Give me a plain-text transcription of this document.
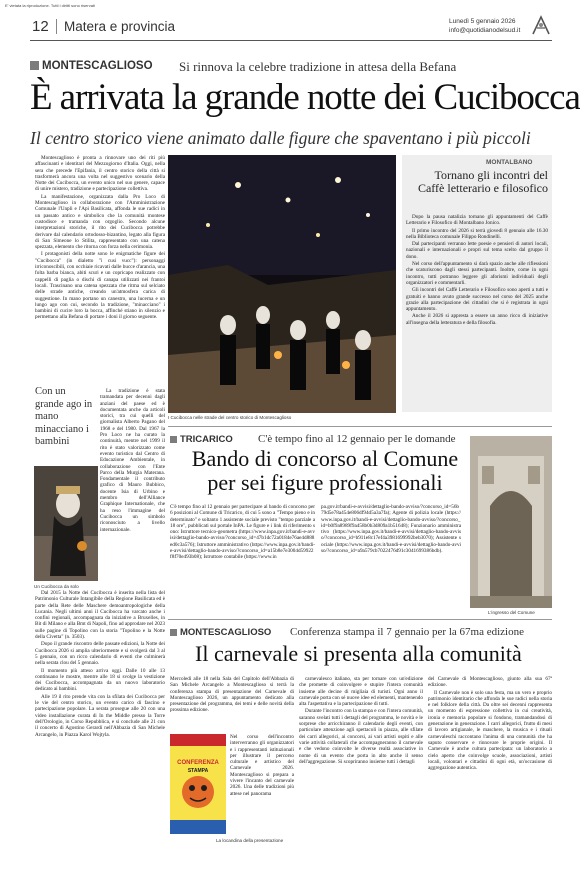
E' vietata la riproduzione. Tutti i diritti sono riservati
12 Matera e provincia	Lunedì 5 gennaio 2026
info@quotidianodelsud.it
MONTESCAGLIOSO Si rinnova la celebre tradizione in attesa della Befana
È arrivata la grande notte dei Cucibocca
Il centro storico viene animato dalle figure che spaventano i più piccoli

Montescaglioso è pronta a rinnovare uno dei riti più affascinanti e identitari del Mezzogiorno d'Italia. Oggi, nella sera che precede l'Epifania, il centro storico della città si trasformerà ancora una volta nel suggestivo scenario della Notte dei Cucibocca, un evento unico nel suo genere, capace di unire mistero, tradizione e partecipazione collettiva.

La manifestazione, organizzata dalla Pro Loco di Montescaglioso in collaborazione con l'Amministrazione Comunale l'Unpli e l'Api Basilicata, affonda le sue radici in un passato antico e simbolico che la comunità montese custodisce e tramanda con orgoglio. Secondo alcune interpretazioni storiche, il rito dei Cucibocca potrebbe derivare dal calendario ortodosso-bizantino, legato alla figura di San Simeone lo Stilita, rappresentato con una catena spezzata, elemento che ritorna con forza nella cerimonia.

I protagonisti della notte sono le enigmatiche figure dei "Cucibocca" (in dialetto "i cusi vucc"): personaggi irriconoscibili, con occhiaie ricavati dalle bucce d'arancia, una folta barba bianca, abiti scuri e un copricapo realizzato con cappelli di paglia o dischi di canapa utilizzati nei frantoi locali. Trascinano una catena spezzata che ritma sul selciato delle strade antiche, creando un'atmosfera carica di suggestione. In mano portano un canestro, una lucerna e un lungo ago con cui, secondo la tradizione, "minacciano" i bambini di cucire loro la bocca, affinché stiano in silenzio e permettano alla Befana di portare i doni il giorno seguente.

Con un grande ago in mano minacciano i bambini
Un Cucibocca da solo

La tradizione è stata tramandata per decenni dagli anziani del paese ed è documentata anche da articoli storici, tra cui quelli del giornalista Alberto Pagano del 1968 e del 1980. Dal 1967 la Pro Loco ne ha curato la continuità, mentre nel 1999 il rito è stato valorizzato come evento turistico dal Centro di Educazione Ambientale, in collaborazione con l'Ente Parco della Murgia Materana. Fondamentale il contributo grafico di Mauro Bubbico, docente Isia di Urbino e membro dell'Alliance Graphique Internationale, che ha reso l'immagine del Cucibocca un simbolo riconosciuto a livello internazionale.

Dal 2015 la Notte dei Cucibocca è inserita nella lista del Patrimonio Culturale Intangibile della Regione Basilicata ed è parte della Rete delle Maschere demoantropologiche della Lucania. Negli ultimi anni il Cucibocca ha varcato anche i confini regionali, accompagnata da iniziative a Bruxelles, in Bit di Milano e alla Bmt di Napoli, fino ad approdare nel 2023 sulle pagine di Topolino con la storia "Topolino e la Notte della Civetta" (n. 3503).

Dopo il grande riscontro delle passate edizioni, la Notte dei Cucibocca 2026 si amplia ulteriormente e si svolgerà dal 3 al 5 gennaio, con un ricco calendario di eventi che culminerà nella serata clou del 5 gennaio.

Il momento più atteso arriva oggi. Dalle 10 alle 13 continuano le mostre, mentre alle 18 si svolge la vestizione dei Cucibocca, accompagnata da un nuovo laboratorio dedicato ai bambini.

Alle 19 il rito prende vita con la sfilata dei Cucibocca per le vie del centro storico, un evento carico di fascino e partecipazione popolare. La serata prosegue alle 20 con una video installazione curata di In the Middle presso la Torre dell'Orologio, in Corso Repubblica, e si conclude alle 21 con il concerto di Agostino Gerardi nell'Abbazia di San Michele Arcangelo, in Piazza Karol Wojtyla.

I Cucibocca nelle strade del centro storico di Montescaglioso
MONTALBANO
Tornano gli incontri del Caffè letterario e filosofico

Dopo la pausa natalizia tornano gli appuntamenti del Caffè Letterario e Filosofico di Montalbano Jonico.

Il primo incontro del 2026 si terrà giovedì 8 gennaio alle 16.30 nella Biblioteca comunale Filippo Rondinelli.

Dal partecipanti verranno lette poesie e pensieri di autori locali, nazionali e internazionali e propri sul tema scelto dal gruppo il dono.

Nel corso dell'appuntamento sì darà spazio anche alle riflessioni che scaturiscono dagli stessi partecipanti. Inoltre, come in ogni incontro, tutti potranno leggere gli aforismi individuali degli organizzatori e commentarli.

Gli incontri del Caffè Letterario e Filosofico sono aperti a tutti e gratuiti e hanno avuto grande successo nel corso del 2025 anche grazie alla partecipazione dei cittadini che si è registrata in ogni appuntamento.

Anche il 2026 si appresta a essere un anno ricco di iniziative all'insegna della letteratura e della filosofia.

TRICARICO C'è tempo fino al 12 gennaio per le domande
Bando di concorso al Comune
per sei figure professionali
C'è tempo fino al 12 gennaio per partecipare al bando di concorso per 6 posizioni al Comune di Tricarico, di cui 5 sono a "Tempo pieno e indeterminato" e soltanto 1 assistente sociale previsto "tempo parziale a 18 ore", pubblicati sul portale InPA. Le figure e i link di riferimento sono: Istruttore tecnico-geometra (https://www.inpa.gov.it/bandi-e-avvisi/dettaglio-bando-avviso/?concorso_id=47b1dc72a0184e76ae4d888ed0c3a576); Istruttore amministrativo (https://www.inpa.gov.it/bandi-e-avvisi/dettaglio-bando-avviso/?concorso_id=a15b8e7e3004d59922f8f70e493b08); Istruttore contabile (https://www.in
pa.gov.it/bandi-e-avvisi/dettaglio-bando-avviso/?concorso_id=56b79d5e78a454e806df94d5a3a7fa); Agente di polizia locale (https://www.inpa.gov.it/bandi-e-avvisi/dettaglio-bando-avviso/?concorso_id=b0f9a8989f9a458b0b3d809a1b51648); Funzionario amministrativo (https://www.inpa.gov.it/bandi-e-avvisi/dettaglio-bando-avviso/?concorso_id=b911e8c17ef4a3981699992beb3070); Assistente sociale (https://www.inpa.gov.it/bandi-e-avvisi/dettaglio-bando-avviso/?concorso_id=a9a579cb7022476d91c3041699386bdb).
L'ingresso del Comune
MONTESCAGLIOSO Conferenza stampa il 7 gennaio per la 67ma edizione
Il carnevale si presenta alla comunità
Mercoledì alle 18 nella Sala del Capitolo dell'Abbazia di San Michele Arcangelo a Montescaglioso si terrà la conferenza stampa di presentazione del Carnevale di Montescaglioso 2026, un appuntamento dedicato alla presentazione del programma, dei temi e delle novità della prossima edizione.
CONFERENZA
STAMPA
Nel corso dell'incontro interverranno gli organizzatori e i rappresentanti istituzionali per illustrare il percorso culturale e artistico del Carnevale 2026. Montescaglioso si prepara a vivere l'incanto del carnevale 2026. Una delle tradizioni più attese nel panorama
La locandina della presentazione

carnevalesco italiano, sta per tornare con un'edizione che promette di coinvolgere e stupire l'intera comunità insieme alle decine di migliaia di turisti. Ogni anno il carnevale porta con sé nuove idee ed elementi, mantenendo alta l'aspettativa e la partecipazione di tutti.

Durante l'incontro con la stampa e con l'intera comunità, saranno svelati tutti i dettagli del programma, le novità e le sorprese che arricchiranno il calendario degli eventi, con particolare attenzione agli spettacoli in piazza, alle sfilate dei carri allegorici, ai concorsi, ai vari artisti ospiti e alle varie attività collaterali che accompagneranno il carnevale e che vedono coinvolte le diverse realtà associative in nome di un evento che porta in alto anche il senso dell'aggregazione. Si scopriranno insieme tutti i dettagli

del Carnevale di Montescaglioso, giunto alla sua 67ª edizione.

Il Carnevale non è solo una festa, ma un vero e proprio patrimonio identitario che affonda le sue radici nella storia e nel folklore della città. Da oltre sei decenni rappresenta un momento di espressione collettiva in cui creatività, ironia e memoria popolare si fondono, tramandandosi di generazione in generazione. I carri allegorici, frutto di mesi di lavoro artigianale, le maschere, la musica e i rituali carnevaleschi raccontano l'anima di una comunità che ha saputo conservare e rinnovare le proprie origini. Il Carnevale è anche cultura partecipata: un laboratorio a cielo aperto che coinvolge scuole, associazioni, artisti locali, volontari e cittadini di ogni età, un'occasione di aggregazione autentica.
